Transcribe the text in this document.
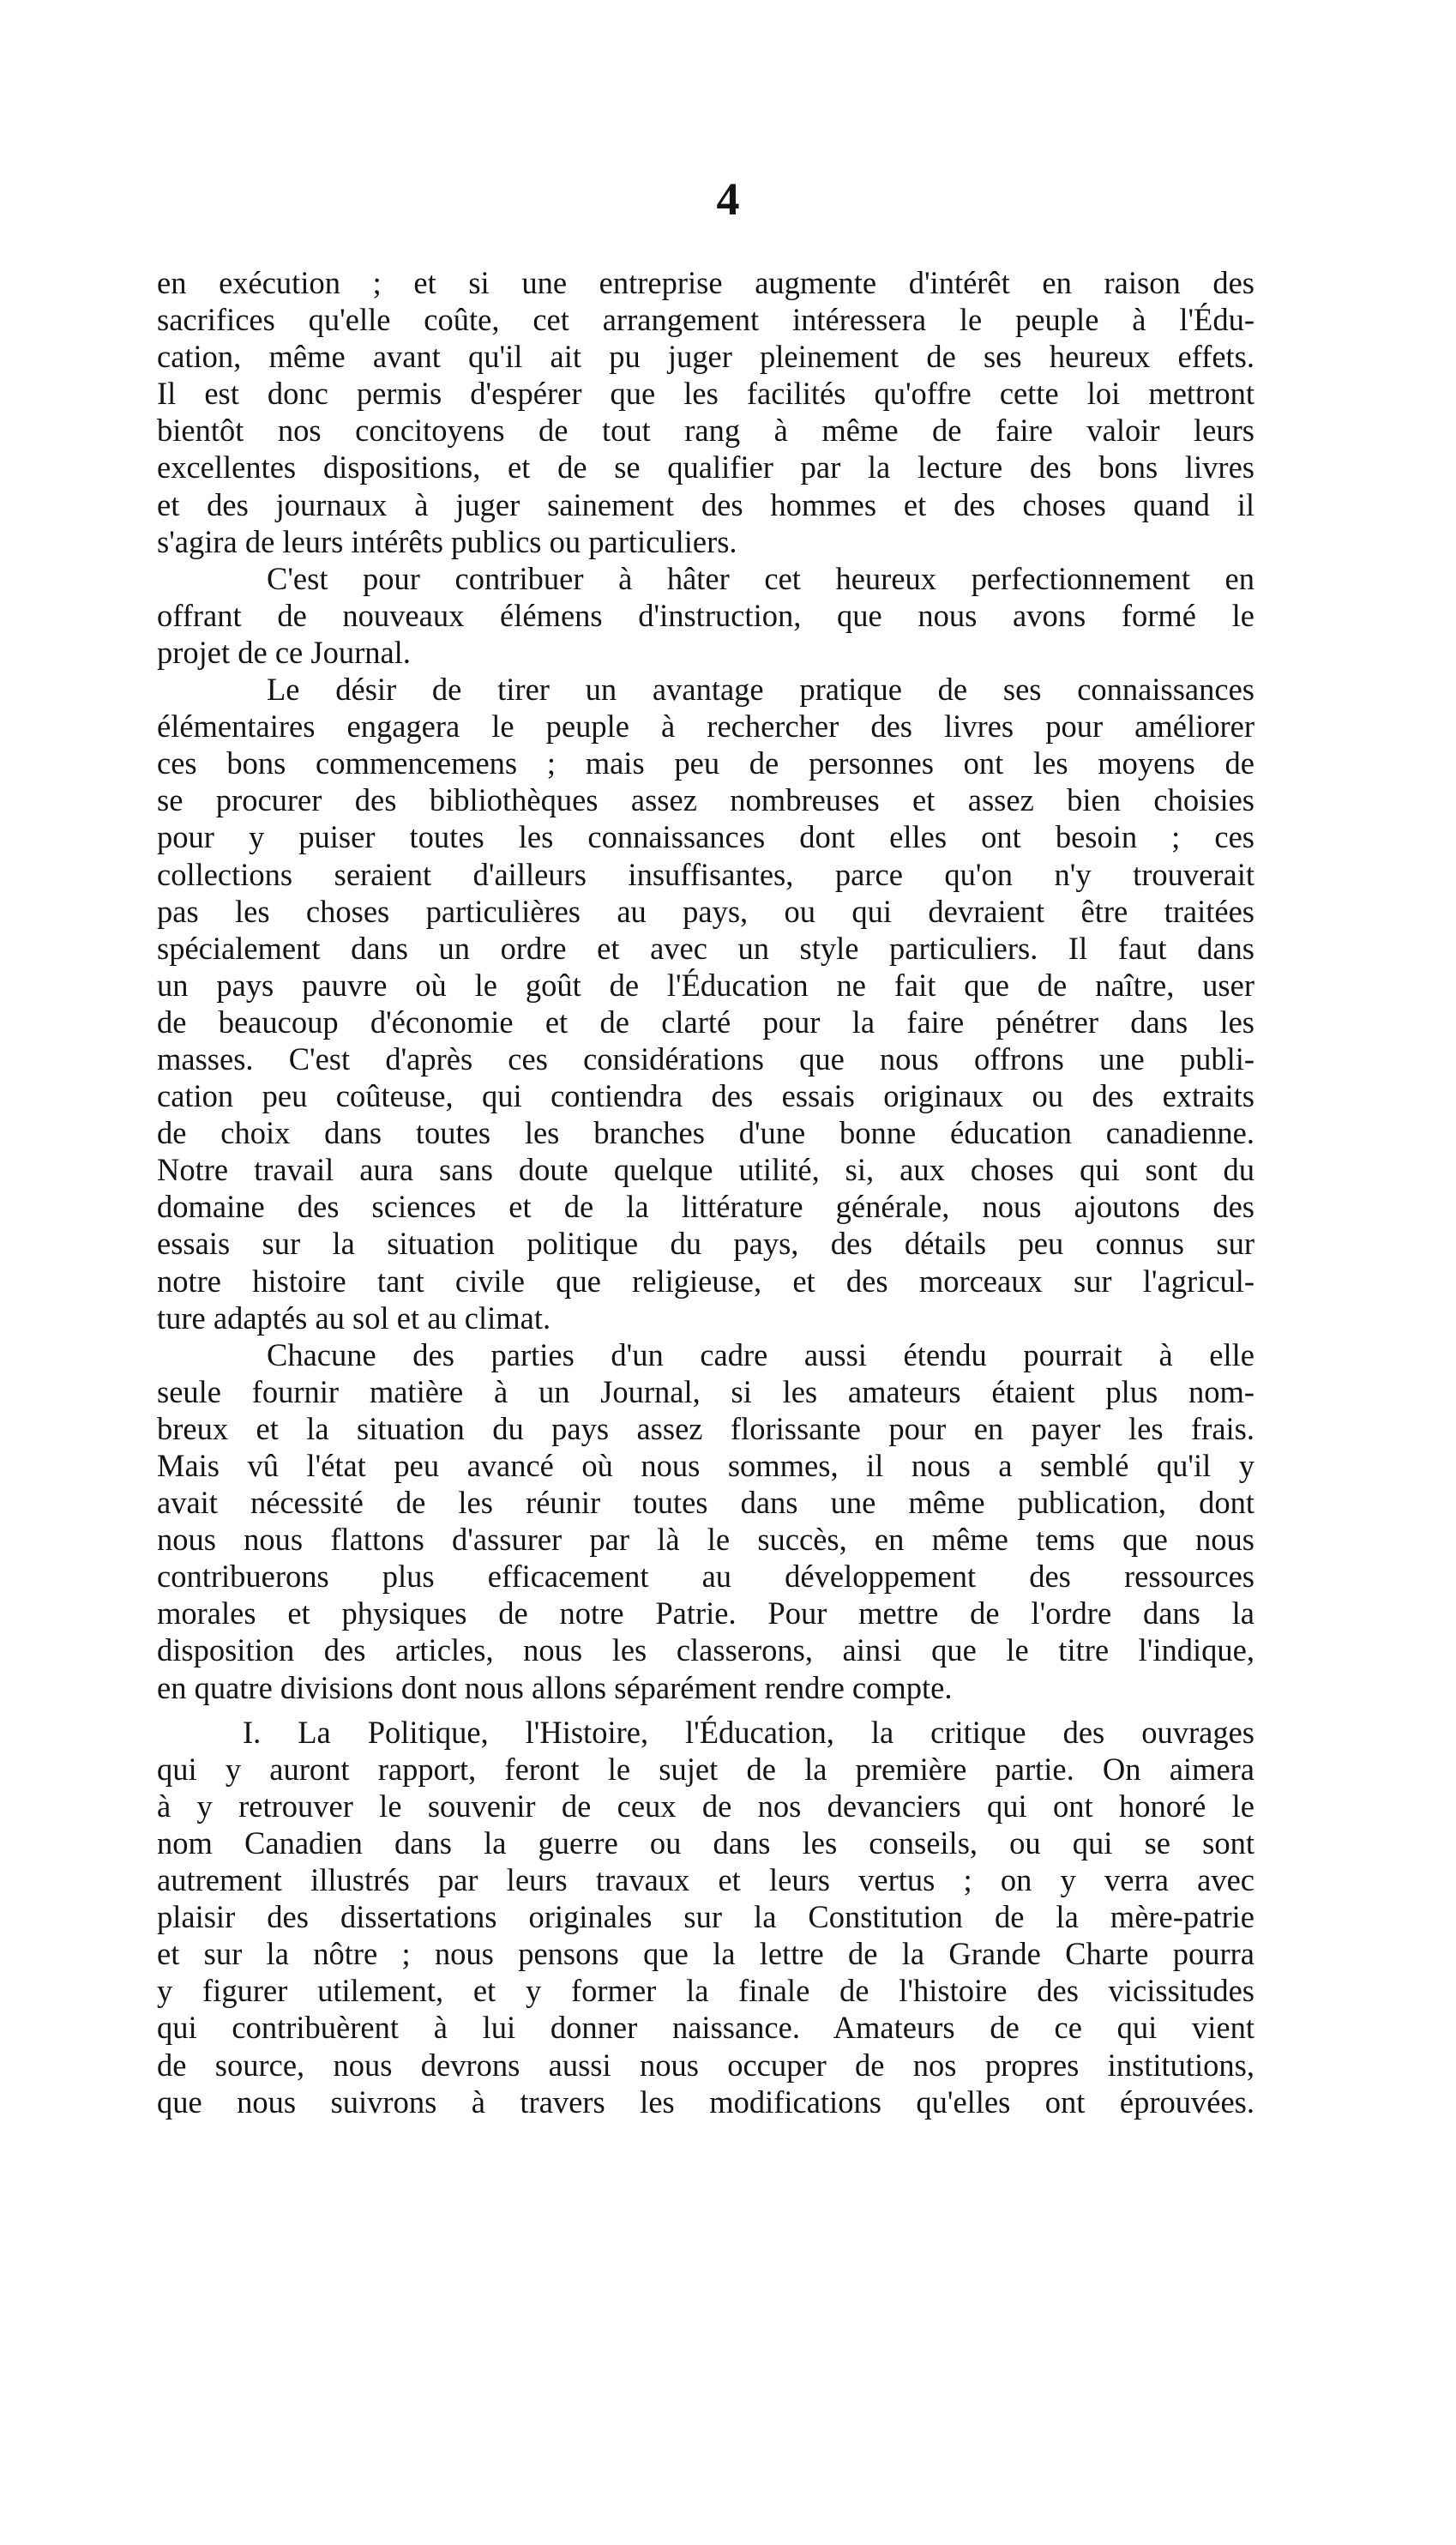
4

en exécution ; et si une entreprise augmente d'intérêt en raison des
sacrifices qu'elle coûte, cet arrangement intéressera le peuple à l'Édu-
cation, même avant qu'il ait pu juger pleinement de ses heureux effets.
Il est donc permis d'espérer que les facilités qu'offre cette loi mettront
bientôt nos concitoyens de tout rang à même de faire valoir leurs
excellentes dispositions, et de se qualifier par la lecture des bons livres
et des journaux à juger sainement des hommes et des choses quand il
s'agira de leurs intérêts publics ou particuliers.

C'est pour contribuer à hâter cet heureux perfectionnement en
offrant de nouveaux élémens d'instruction, que nous avons formé le
projet de ce Journal.

Le désir de tirer un avantage pratique de ses connaissances
élémentaires engagera le peuple à rechercher des livres pour améliorer
ces bons commencemens ; mais peu de personnes ont les moyens de
se procurer des bibliothèques assez nombreuses et assez bien choisies
pour y puiser toutes les connaissances dont elles ont besoin ; ces
collections seraient d'ailleurs insuffisantes, parce qu'on n'y trouverait
pas les choses particulières au pays, ou qui devraient être traitées
spécialement dans un ordre et avec un style particuliers. Il faut dans
un pays pauvre où le goût de l'Éducation ne fait que de naître, user
de beaucoup d'économie et de clarté pour la faire pénétrer dans les
masses. C'est d'après ces considérations que nous offrons une publi-
cation peu coûteuse, qui contiendra des essais originaux ou des extraits
de choix dans toutes les branches d'une bonne éducation canadienne.
Notre travail aura sans doute quelque utilité, si, aux choses qui sont du
domaine des sciences et de la littérature générale, nous ajoutons des
essais sur la situation politique du pays, des détails peu connus sur
notre histoire tant civile que religieuse, et des morceaux sur l'agricul-
ture adaptés au sol et au climat.

Chacune des parties d'un cadre aussi étendu pourrait à elle
seule fournir matière à un Journal, si les amateurs étaient plus nom-
breux et la situation du pays assez florissante pour en payer les frais.
Mais vû l'état peu avancé où nous sommes, il nous a semblé qu'il y
avait nécessité de les réunir toutes dans une même publication, dont
nous nous flattons d'assurer par là le succès, en même tems que nous
contribuerons plus efficacement au développement des ressources
morales et physiques de notre Patrie. Pour mettre de l'ordre dans la
disposition des articles, nous les classerons, ainsi que le titre l'indique,
en quatre divisions dont nous allons séparément rendre compte.

I. La Politique, l'Histoire, l'Éducation, la critique des ouvrages
qui y auront rapport, feront le sujet de la première partie. On aimera
à y retrouver le souvenir de ceux de nos devanciers qui ont honoré le
nom Canadien dans la guerre ou dans les conseils, ou qui se sont
autrement illustrés par leurs travaux et leurs vertus ; on y verra avec
plaisir des dissertations originales sur la Constitution de la mère-patrie
et sur la nôtre ; nous pensons que la lettre de la Grande Charte pourra
y figurer utilement, et y former la finale de l'histoire des vicissitudes
qui contribuèrent à lui donner naissance. Amateurs de ce qui vient
de source, nous devrons aussi nous occuper de nos propres institutions,
que nous suivrons à travers les modifications qu'elles ont éprouvées.
